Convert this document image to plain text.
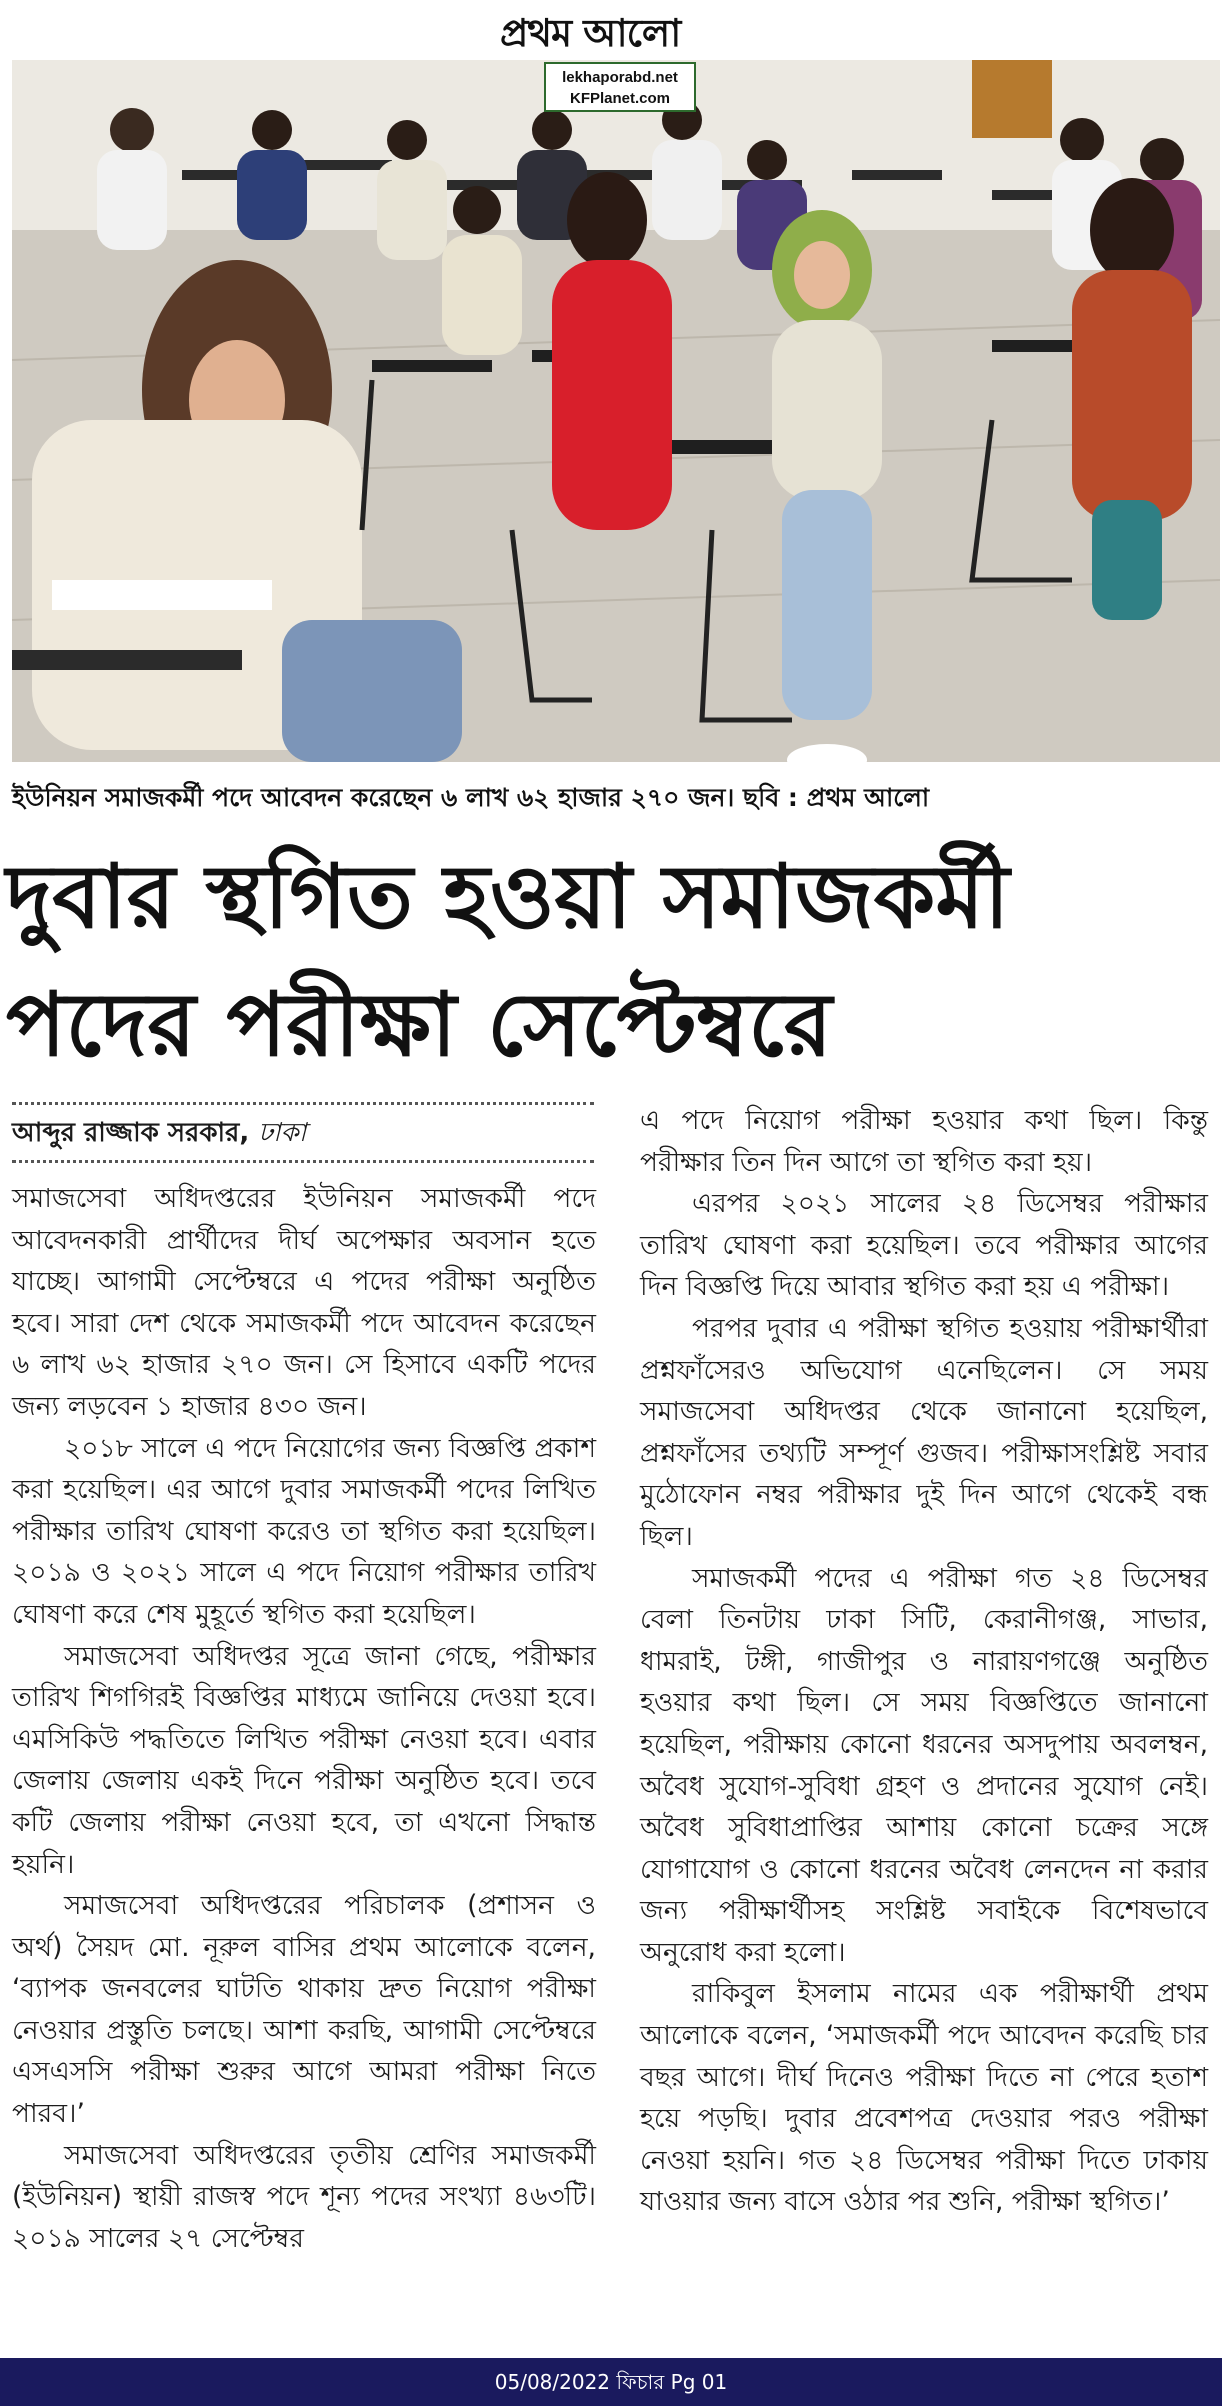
প্রথম আলো
lekhaporabd.net
KFPlanet.com
ইউনিয়ন সমাজকর্মী পদে আবেদন করেছেন ৬ লাখ ৬২ হাজার ২৭০ জন। ছবি : প্রথম আলো
দুবার স্থগিত হওয়া সমাজকর্মী
পদের পরীক্ষা সেপ্টেম্বরে
আব্দুর রাজ্জাক সরকার, ঢাকা

সমাজসেবা অধিদপ্তরের ইউনিয়ন সমাজকর্মী পদে আবেদনকারী প্রার্থীদের দীর্ঘ অপেক্ষার অবসান হতে যাচ্ছে। আগামী সেপ্টেম্বরে এ পদের পরীক্ষা অনুষ্ঠিত হবে। সারা দেশ থেকে সমাজকর্মী পদে আবেদন করেছেন ৬ লাখ ৬২ হাজার ২৭০ জন। সে হিসাবে একটি পদের জন্য লড়বেন ১ হাজার ৪৩০ জন।

২০১৮ সালে এ পদে নিয়োগের জন্য বিজ্ঞপ্তি প্রকাশ করা হয়েছিল। এর আগে দুবার সমাজকর্মী পদের লিখিত পরীক্ষার তারিখ ঘোষণা করেও তা স্থগিত করা হয়েছিল। ২০১৯ ও ২০২১ সালে এ পদে নিয়োগ পরীক্ষার তারিখ ঘোষণা করে শেষ মুহূর্তে স্থগিত করা হয়েছিল।

সমাজসেবা অধিদপ্তর সূত্রে জানা গেছে, পরীক্ষার তারিখ শিগগিরই বিজ্ঞপ্তির মাধ্যমে জানিয়ে দেওয়া হবে। এমসিকিউ পদ্ধতিতে লিখিত পরীক্ষা নেওয়া হবে। এবার জেলায় জেলায় একই দিনে পরীক্ষা অনুষ্ঠিত হবে। তবে কটি জেলায় পরীক্ষা নেওয়া হবে, তা এখনো সিদ্ধান্ত হয়নি।

সমাজসেবা অধিদপ্তরের পরিচালক (প্রশাসন ও অর্থ) সৈয়দ মো. নূরুল বাসির প্রথম আলোকে বলেন, ‘ব্যাপক জনবলের ঘাটতি থাকায় দ্রুত নিয়োগ পরীক্ষা নেওয়ার প্রস্তুতি চলছে। আশা করছি, আগামী সেপ্টেম্বরে এসএসসি পরীক্ষা শুরুর আগে আমরা পরীক্ষা নিতে পারব।’

সমাজসেবা অধিদপ্তরের তৃতীয় শ্রেণির সমাজকর্মী (ইউনিয়ন) স্থায়ী রাজস্ব পদে শূন্য পদের সংখ্যা ৪৬৩টি। ২০১৯ সালের ২৭ সেপ্টেম্বর

এ পদে নিয়োগ পরীক্ষা হওয়ার কথা ছিল। কিন্তু পরীক্ষার তিন দিন আগে তা স্থগিত করা হয়।

এরপর ২০২১ সালের ২৪ ডিসেম্বর পরীক্ষার তারিখ ঘোষণা করা হয়েছিল। তবে পরীক্ষার আগের দিন বিজ্ঞপ্তি দিয়ে আবার স্থগিত করা হয় এ পরীক্ষা।

পরপর দুবার এ পরীক্ষা স্থগিত হওয়ায় পরীক্ষার্থীরা প্রশ্নফাঁসেরও অভিযোগ এনেছিলেন। সে সময় সমাজসেবা অধিদপ্তর থেকে জানানো হয়েছিল, প্রশ্নফাঁসের তথ্যটি সম্পূর্ণ গুজব। পরীক্ষাসংশ্লিষ্ট সবার মুঠোফোন নম্বর পরীক্ষার দুই দিন আগে থেকেই বন্ধ ছিল।

সমাজকর্মী পদের এ পরীক্ষা গত ২৪ ডিসেম্বর বেলা তিনটায় ঢাকা সিটি, কেরানীগঞ্জ, সাভার, ধামরাই, টঙ্গী, গাজীপুর ও নারায়ণগঞ্জে অনুষ্ঠিত হওয়ার কথা ছিল। সে সময় বিজ্ঞপ্তিতে জানানো হয়েছিল, পরীক্ষায় কোনো ধরনের অসদুপায় অবলম্বন, অবৈধ সুযোগ-সুবিধা গ্রহণ ও প্রদানের সুযোগ নেই। অবৈধ সুবিধাপ্রাপ্তির আশায় কোনো চক্রের সঙ্গে যোগাযোগ ও কোনো ধরনের অবৈধ লেনদেন না করার জন্য পরীক্ষার্থীসহ সংশ্লিষ্ট সবাইকে বিশেষভাবে অনুরোধ করা হলো।

রাকিবুল ইসলাম নামের এক পরীক্ষার্থী প্রথম আলোকে বলেন, ‘সমাজকর্মী পদে আবেদন করেছি চার বছর আগে। দীর্ঘ দিনেও পরীক্ষা দিতে না পেরে হতাশ হয়ে পড়ছি। দুবার প্রবেশপত্র দেওয়ার পরও পরীক্ষা নেওয়া হয়নি। গত ২৪ ডিসেম্বর পরীক্ষা দিতে ঢাকায় যাওয়ার জন্য বাসে ওঠার পর শুনি, পরীক্ষা স্থগিত।’

05/08/2022 ফিচার Pg 01
